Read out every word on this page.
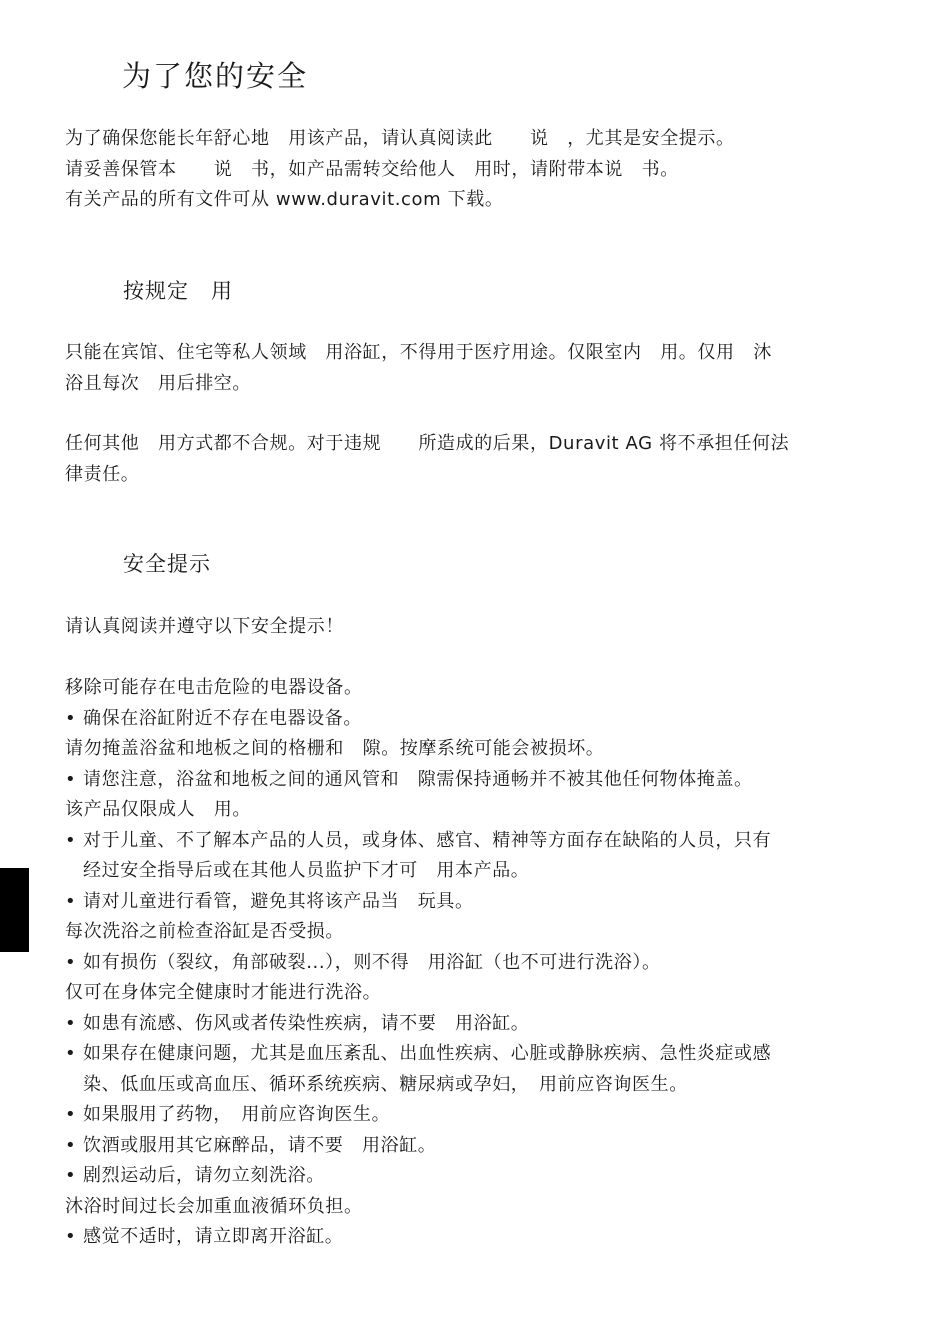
为了您的安全
为了确保您能长年舒心地　用该产品，请认真阅读此　　说　，尤其是安全提示。
请妥善保管本　　说　书，如产品需转交给他人　用时，请附带本说　书。
有关产品的所有文件可从 www.duravit.com 下载。
按规定　用
只能在宾馆、住宅等私人领域　用浴缸，不得用于医疗用途。仅限室内　用。仅用　沐
浴且每次　用后排空。
任何其他　用方式都不合规。对于违规　　所造成的后果，Duravit AG 将不承担任何法
律责任。
安全提示
请认真阅读并遵守以下安全提示！
移除可能存在电击危险的电器设备。
• 确保在浴缸附近不存在电器设备。
请勿掩盖浴盆和地板之间的格栅和　隙。按摩系统可能会被损坏。
• 请您注意，浴盆和地板之间的通风管和　隙需保持通畅并不被其他任何物体掩盖。
该产品仅限成人　用。
• 对于儿童、不了解本产品的人员，或身体、感官、精神等方面存在缺陷的人员，只有
经过安全指导后或在其他人员监护下才可　用本产品。
• 请对儿童进行看管，避免其将该产品当　玩具。
每次洗浴之前检查浴缸是否受损。
• 如有损伤（裂纹，角部破裂...），则不得　用浴缸（也不可进行洗浴）。
仅可在身体完全健康时才能进行洗浴。
• 如患有流感、伤风或者传染性疾病，请不要　用浴缸。
• 如果存在健康问题，尤其是血压紊乱、出血性疾病、心脏或静脉疾病、急性炎症或感
染、低血压或高血压、循环系统疾病、糖尿病或孕妇，　用前应咨询医生。
• 如果服用了药物，　用前应咨询医生。
• 饮酒或服用其它麻醉品，请不要　用浴缸。
• 剧烈运动后，请勿立刻洗浴。
沐浴时间过长会加重血液循环负担。
• 感觉不适时，请立即离开浴缸。
